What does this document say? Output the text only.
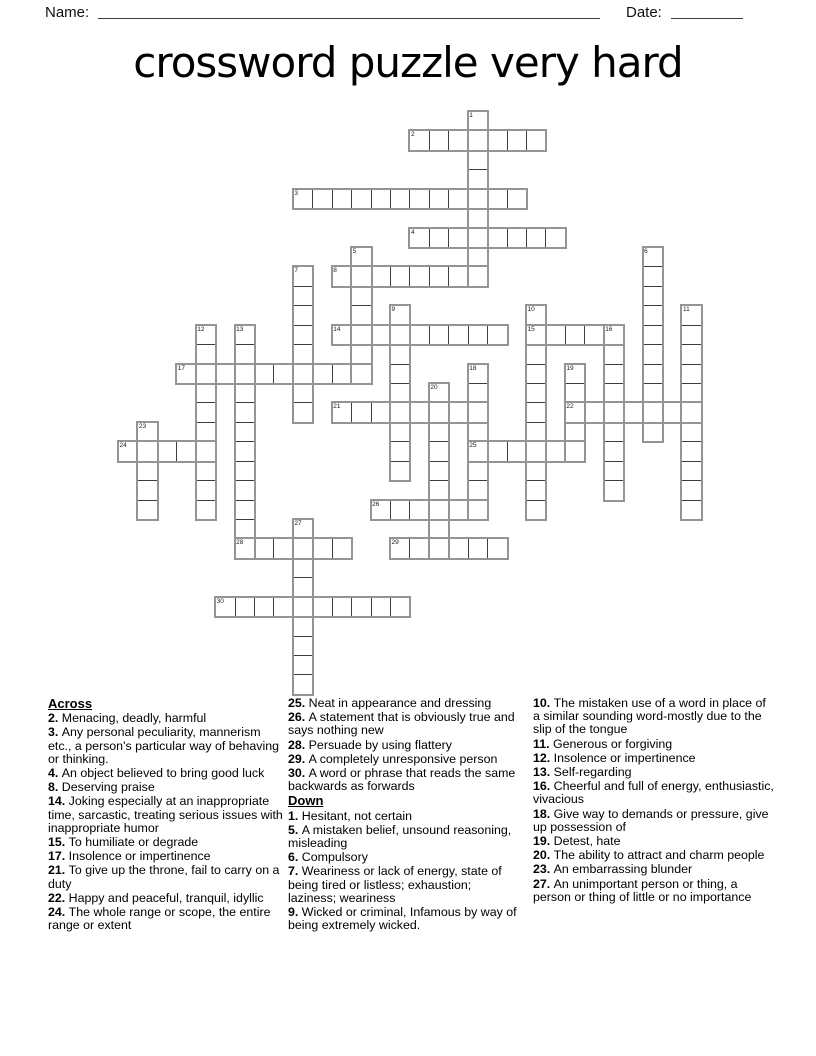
Name:	Date:
crossword puzzle very hard
1
2
3
4
5	6
7	8
9	10	11
12	13	14	15	16
17	18	19
20
21	22
23
24	25
26
27
28	29
30
Across
2. Menacing, deadly, harmful
3. Any personal peculiarity, mannerism etc., a person's particular way of behaving or thinking.
4. An object believed to bring good luck
8. Deserving praise
14. Joking especially at an inappropriate time, sarcastic, treating serious issues with inappropriate humor
15. To humiliate or degrade
17. Insolence or impertinence
21. To give up the throne, fail to carry on a duty
22. Happy and peaceful, tranquil, idyllic
24. The whole range or scope, the entire range or extent
25. Neat in appearance and dressing
26. A statement that is obviously true and says nothing new
28. Persuade by using flattery
29. A completely unresponsive person
30. A word or phrase that reads the same backwards as forwards
Down
1. Hesitant, not certain
5. A mistaken belief, unsound reasoning, misleading
6. Compulsory
7. Weariness or lack of energy, state of being tired or listless; exhaustion; laziness; weariness
9. Wicked or criminal, Infamous by way of being extremely wicked.
10. The mistaken use of a word in place of a similar sounding word-mostly due to the slip of the tongue
11. Generous or forgiving
12. Insolence or impertinence
13. Self-regarding
16. Cheerful and full of energy, enthusiastic, vivacious
18. Give way to demands or pressure, give up possession of
19. Detest, hate
20. The ability to attract and charm people
23. An embarrassing blunder
27. An unimportant person or thing, a person or thing of little or no importance
